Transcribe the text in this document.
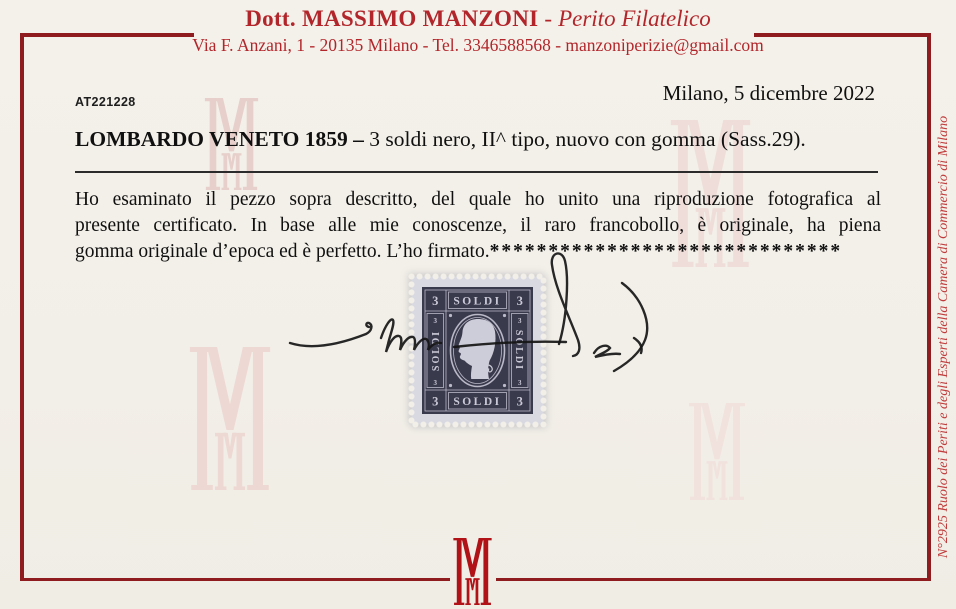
Dott. MASSIMO MANZONI - Perito Filatelico
Via F. Anzani, 1 - 20135 Milano - Tel. 3346588568 - manzoniperizie@gmail.com
AT221228	Milano, 5 dicembre 2022
LOMBARDO VENETO 1859 – 3 soldi nero, II^ tipo, nuovo con gomma (Sass.29).
Ho esaminato il pezzo sopra descritto, del quale ho unito una riproduzione fotografica al
presente certificato. In base alle mie conoscenze, il raro francobollo, è originale, ha piena
gomma originale d’epoca ed è perfetto. L’ho firmato.******************************
SOLDI
SOLDI
SOLDI	SOLDI
3	3
3	3
3
3
3
3	N°2925 Ruolo dei Periti e degli Esperti della Camera di Commercio di Milano
